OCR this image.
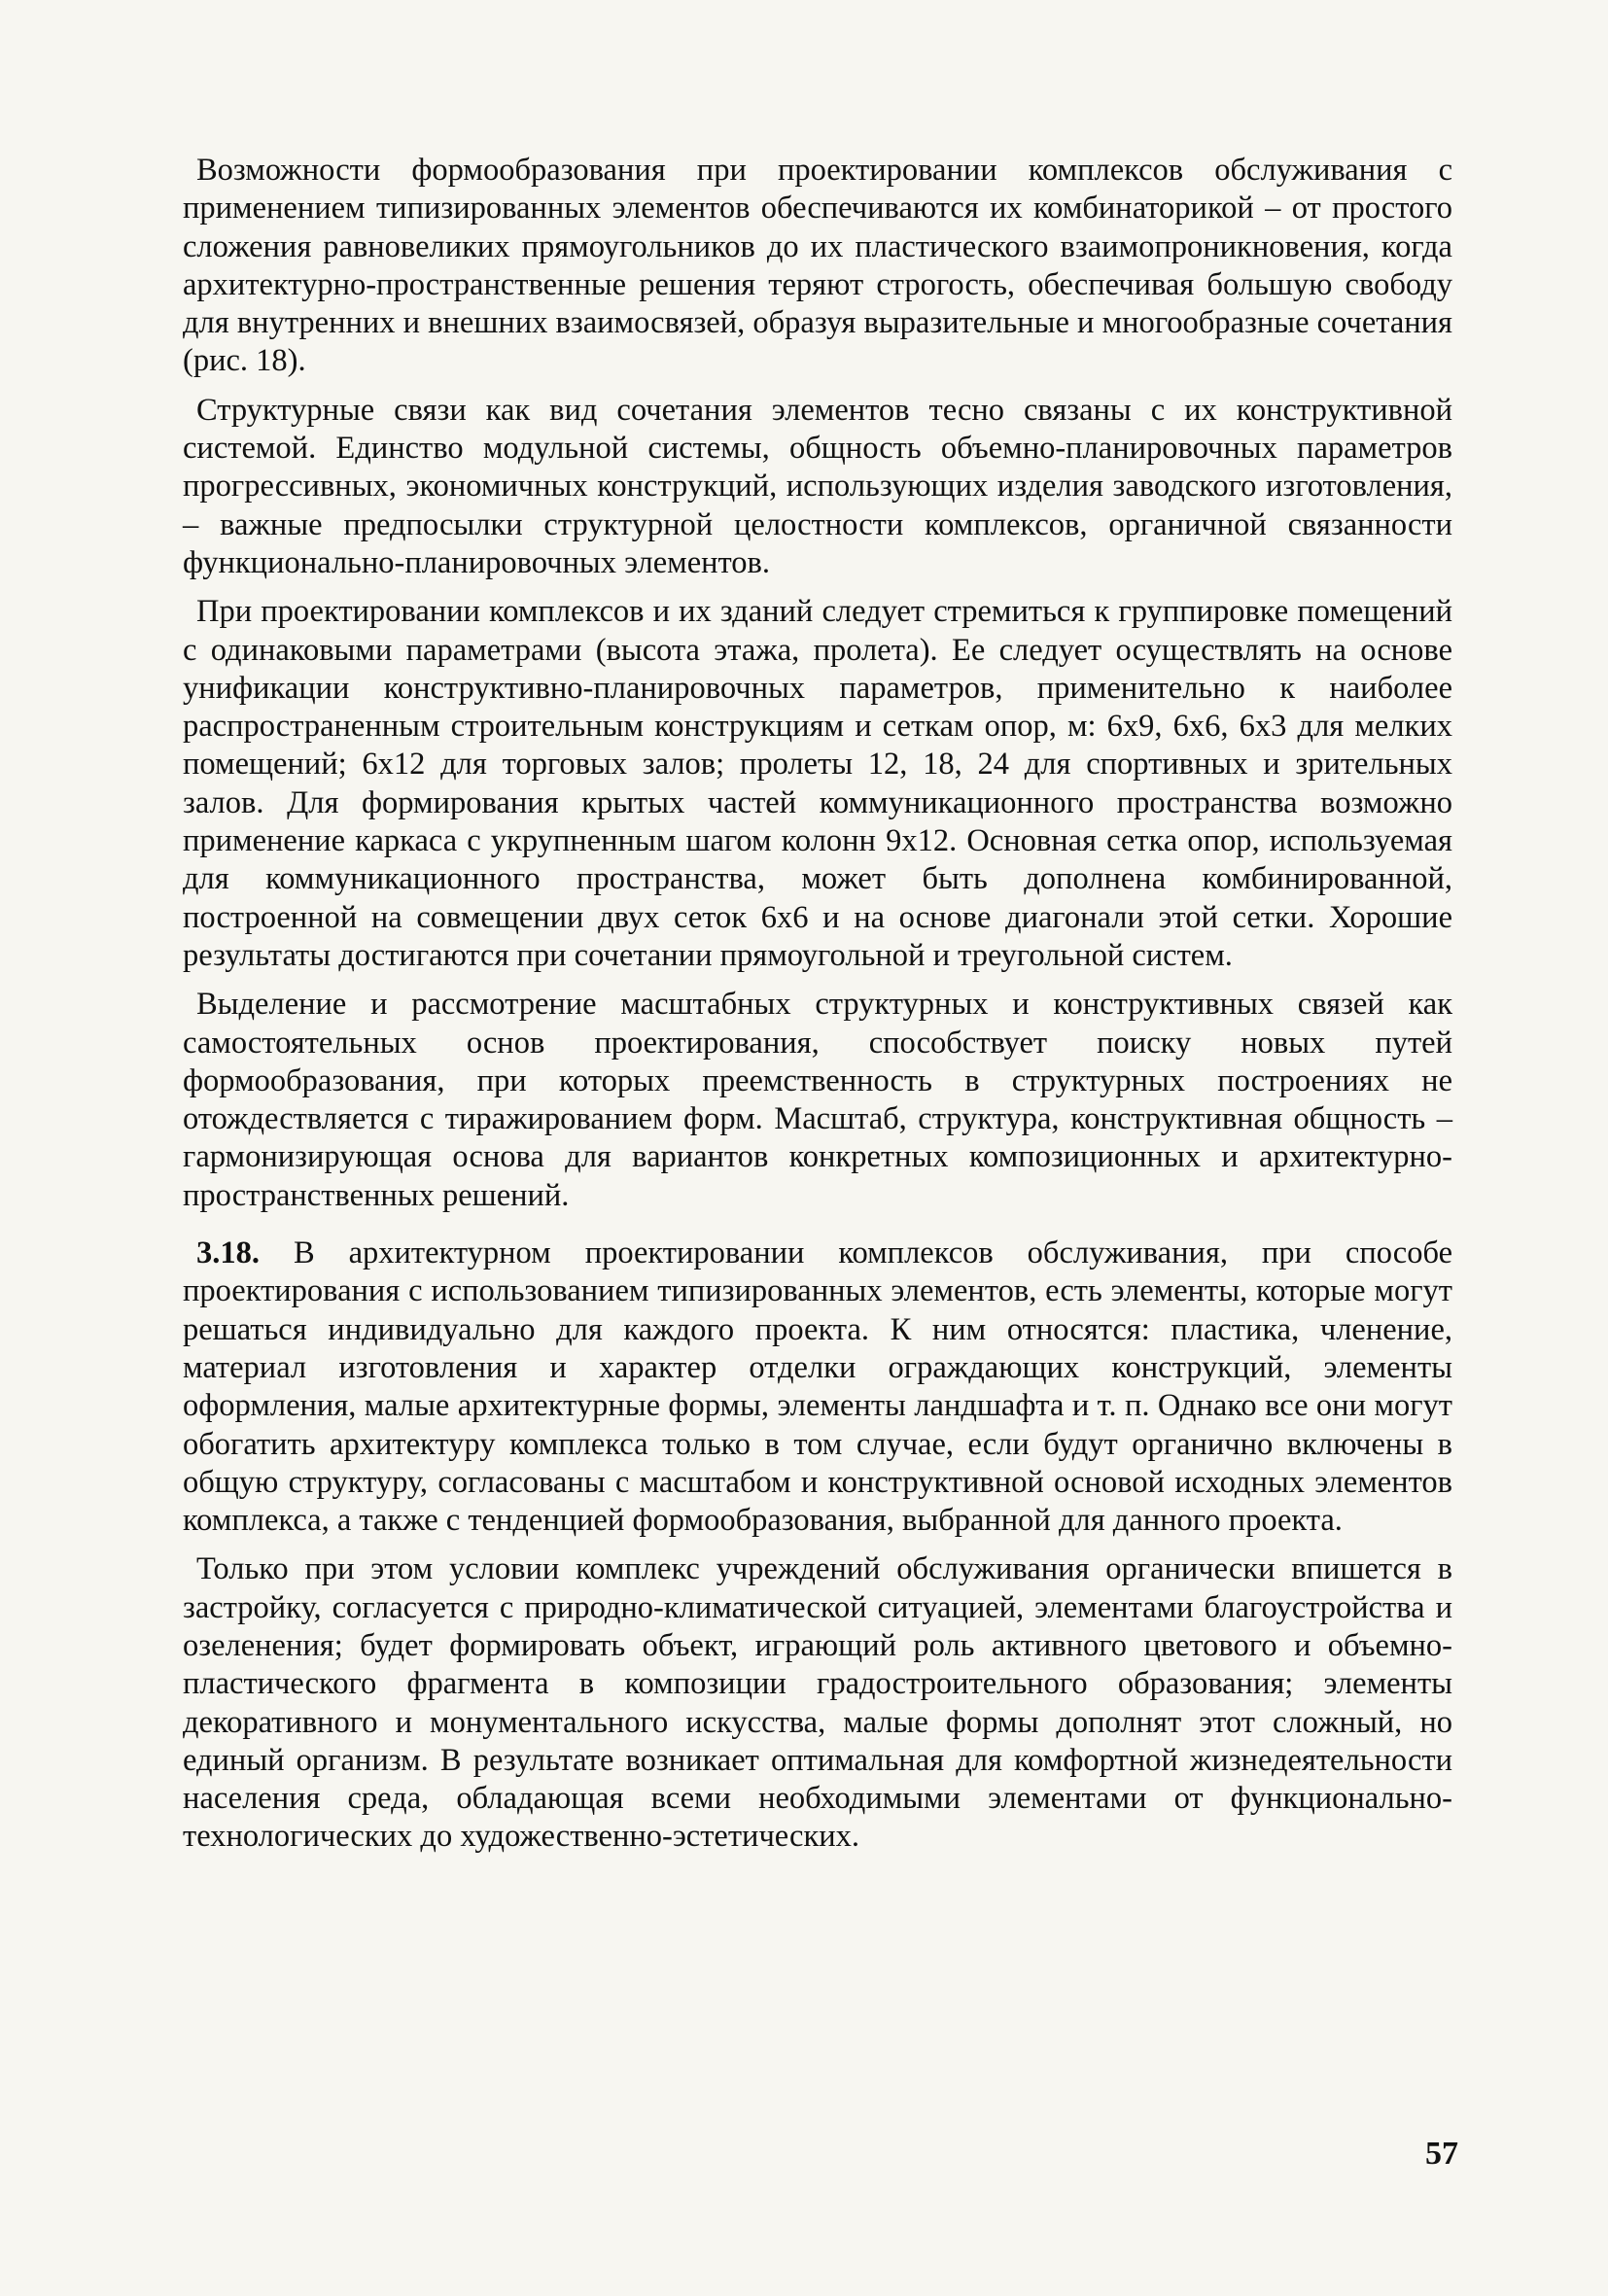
Возможности формообразования при проектировании комплексов обслуживания с применением типизированных элементов обеспечиваются их комбинаторикой – от простого сложения равновеликих прямоугольников до их пластического взаимопроникновения, когда архитектурно-пространственные решения теряют строгость, обеспечивая большую свободу для внутренних и внешних взаимосвязей, образуя выразительные и многообразные сочетания (рис. 18).

Структурные связи как вид сочетания элементов тесно связаны с их конструктивной системой. Единство модульной системы, общность объемно-планировочных параметров прогрессивных, экономичных конструкций, использующих изделия заводского изготовления, – важные предпосылки структурной целостности комплексов, органичной связанности функционально-планировочных элементов.

При проектировании комплексов и их зданий следует стремиться к группировке помещений с одинаковыми параметрами (высота этажа, пролета). Ее следует осуществлять на основе унификации конструктивно-планировочных параметров, применительно к наиболее распространенным строительным конструкциям и сеткам опор, м: 6х9, 6х6, 6х3 для мелких помещений; 6х12 для торговых залов; пролеты 12, 18, 24 для спортивных и зрительных залов. Для формирования крытых частей коммуникационного пространства возможно применение каркаса с укрупненным шагом колонн 9х12. Основная сетка опор, используемая для коммуникационного пространства, может быть дополнена комбинированной, построенной на совмещении двух сеток 6х6 и на основе диагонали этой сетки. Хорошие результаты достигаются при сочетании прямоугольной и треугольной систем.

Выделение и рассмотрение масштабных структурных и конструктивных связей как самостоятельных основ проектирования, способствует поиску новых путей формообразования, при которых преемственность в структурных построениях не отождествляется с тиражированием форм. Масштаб, структура, конструктивная общность – гармонизирующая основа для вариантов конкретных композиционных и архитектурно-пространственных решений.

3.18. В архитектурном проектировании комплексов обслуживания, при способе проектирования с использованием типизированных элементов, есть элементы, которые могут решаться индивидуально для каждого проекта. К ним относятся: пластика, членение, материал изготовления и характер отделки ограждающих конструкций, элементы оформления, малые архитектурные формы, элементы ландшафта и т. п. Однако все они могут обогатить архитектуру комплекса только в том случае, если будут органично включены в общую структуру, согласованы с масштабом и конструктивной основой исходных элементов комплекса, а также с тенденцией формообразования, выбранной для данного проекта.

Только при этом условии комплекс учреждений обслуживания органически впишется в застройку, согласуется с природно-климатической ситуацией, элементами благоустройства и озеленения; будет формировать объект, играющий роль активного цветового и объемно-пластического фрагмента в композиции градостроительного образования; элементы декоративного и монументального искусства, малые формы дополнят этот сложный, но единый организм. В результате возникает оптимальная для комфортной жизнедеятельности населения среда, обладающая всеми необходимыми элементами от функционально-технологических до художественно-эстетических.

57
